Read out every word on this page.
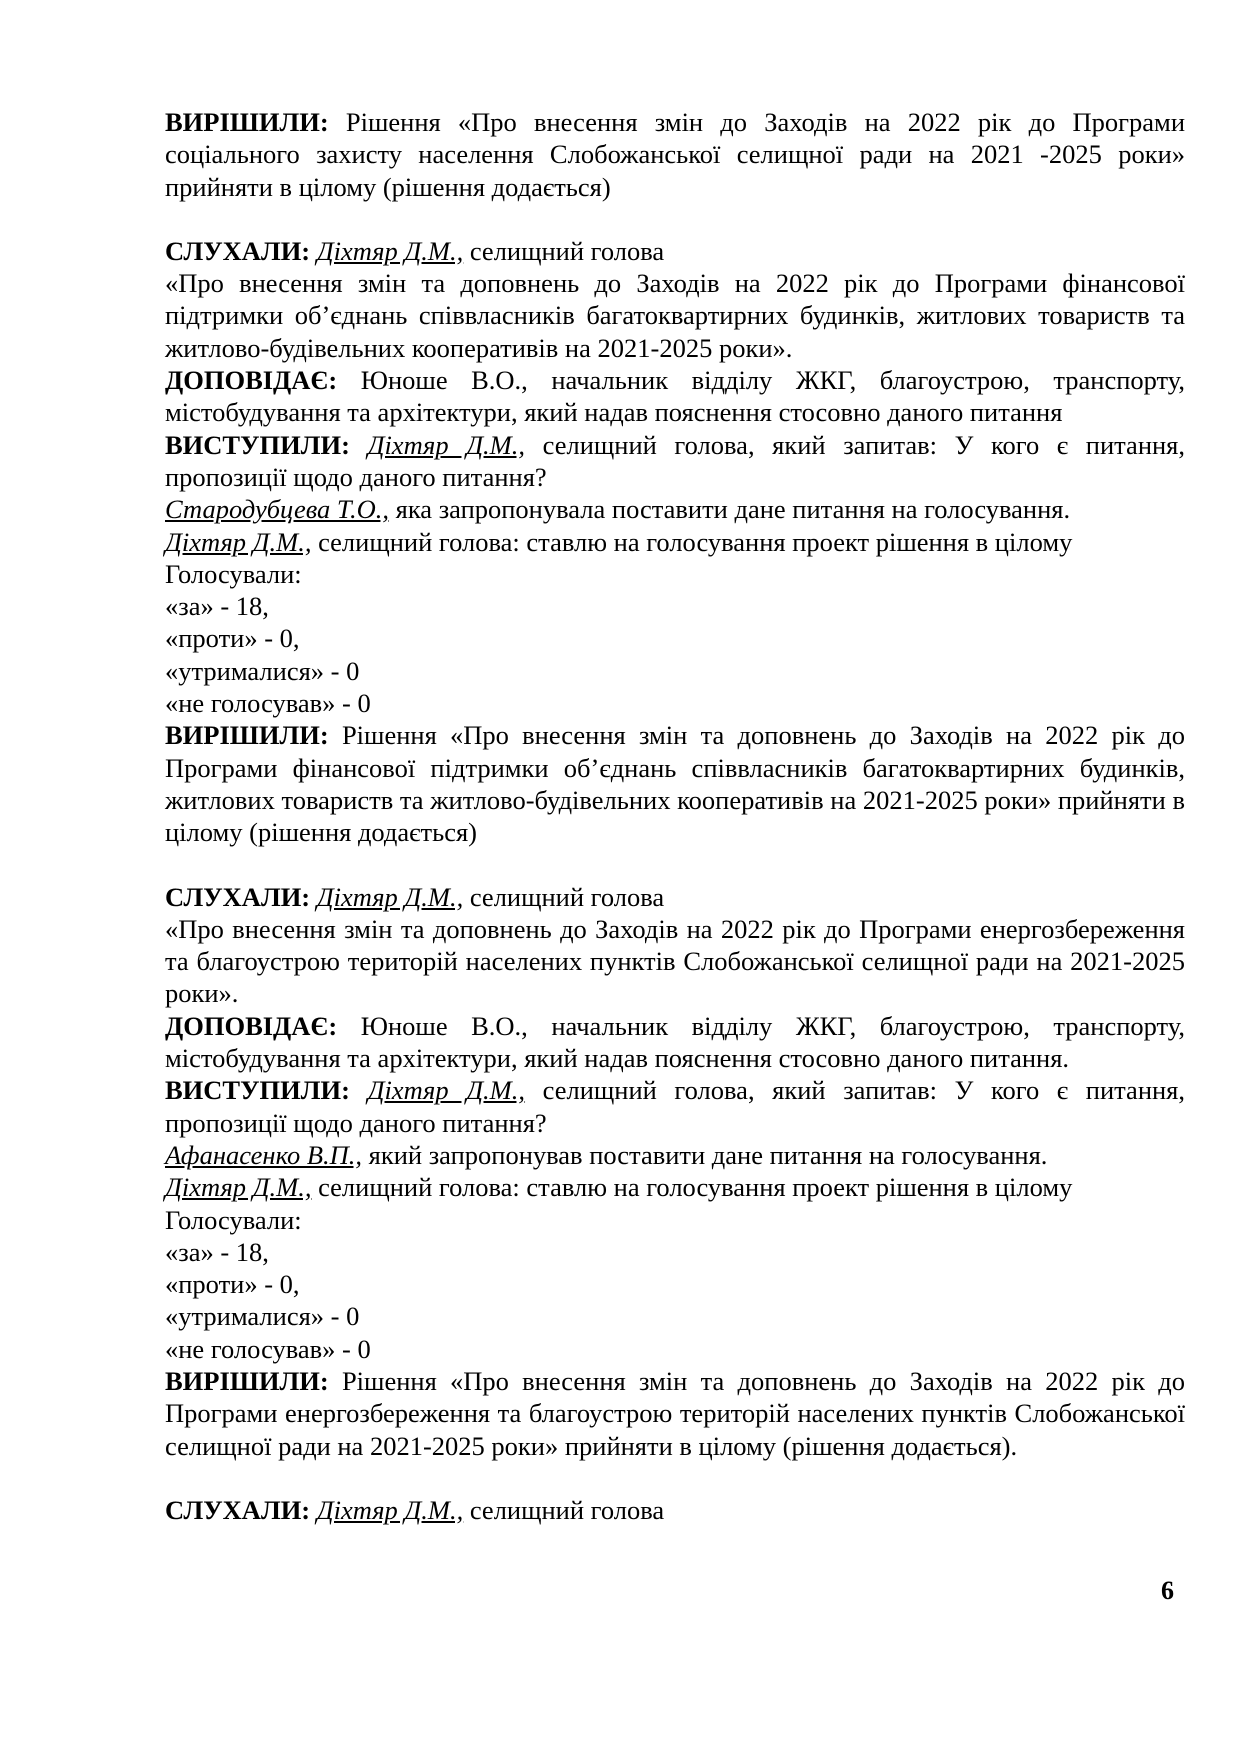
ВИРІШИЛИ: Рішення «Про внесення змін до Заходів на 2022 рік до Програми соціального захисту населення Слобожанської селищної ради на 2021 -2025 роки» прийняти в цілому (рішення додається)

СЛУХАЛИ: Діхтяр Д.М., селищний голова

«Про внесення змін та доповнень до Заходів на 2022 рік до Програми фінансової підтримки об’єднань співвласників багатоквартирних будинків, житлових товариств та житлово-будівельних кооперативів на 2021-2025 роки».

ДОПОВІДАЄ: Юноше В.О., начальник відділу ЖКГ, благоустрою, транспорту, містобудування та архітектури, який надав пояснення стосовно даного питання

ВИСТУПИЛИ: Діхтяр Д.М., селищний голова, який запитав: У кого є питання, пропозиції щодо даного питання?

Стародубцева Т.О., яка запропонувала поставити дане питання на голосування.

Діхтяр Д.М., селищний голова: ставлю на голосування проект рішення в цілому

Голосували:

«за» - 18,

«проти» - 0,

«утрималися» - 0

«не голосував» - 0

ВИРІШИЛИ: Рішення «Про внесення змін та доповнень до Заходів на 2022 рік до Програми фінансової підтримки об’єднань співвласників багатоквартирних будинків, житлових товариств та житлово-будівельних кооперативів на 2021-2025 роки» прийняти в цілому (рішення додається)

СЛУХАЛИ: Діхтяр Д.М., селищний голова

«Про внесення змін та доповнень до Заходів на 2022 рік до Програми енергозбереження та благоустрою територій населених пунктів Слобожанської селищної ради на 2021-2025 роки».

ДОПОВІДАЄ: Юноше В.О., начальник відділу ЖКГ, благоустрою, транспорту, містобудування та архітектури, який надав пояснення стосовно даного питання.

ВИСТУПИЛИ: Діхтяр Д.М., селищний голова, який запитав: У кого є питання, пропозиції щодо даного питання?

Афанасенко В.П., який запропонував поставити дане питання на голосування.

Діхтяр Д.М., селищний голова: ставлю на голосування проект рішення в цілому

Голосували:

«за» - 18,

«проти» - 0,

«утрималися» - 0

«не голосував» - 0

ВИРІШИЛИ: Рішення «Про внесення змін та доповнень до Заходів на 2022 рік до Програми енергозбереження та благоустрою територій населених пунктів Слобожанської селищної ради на 2021-2025 роки» прийняти в цілому (рішення додається).

СЛУХАЛИ: Діхтяр Д.М., селищний голова

6
